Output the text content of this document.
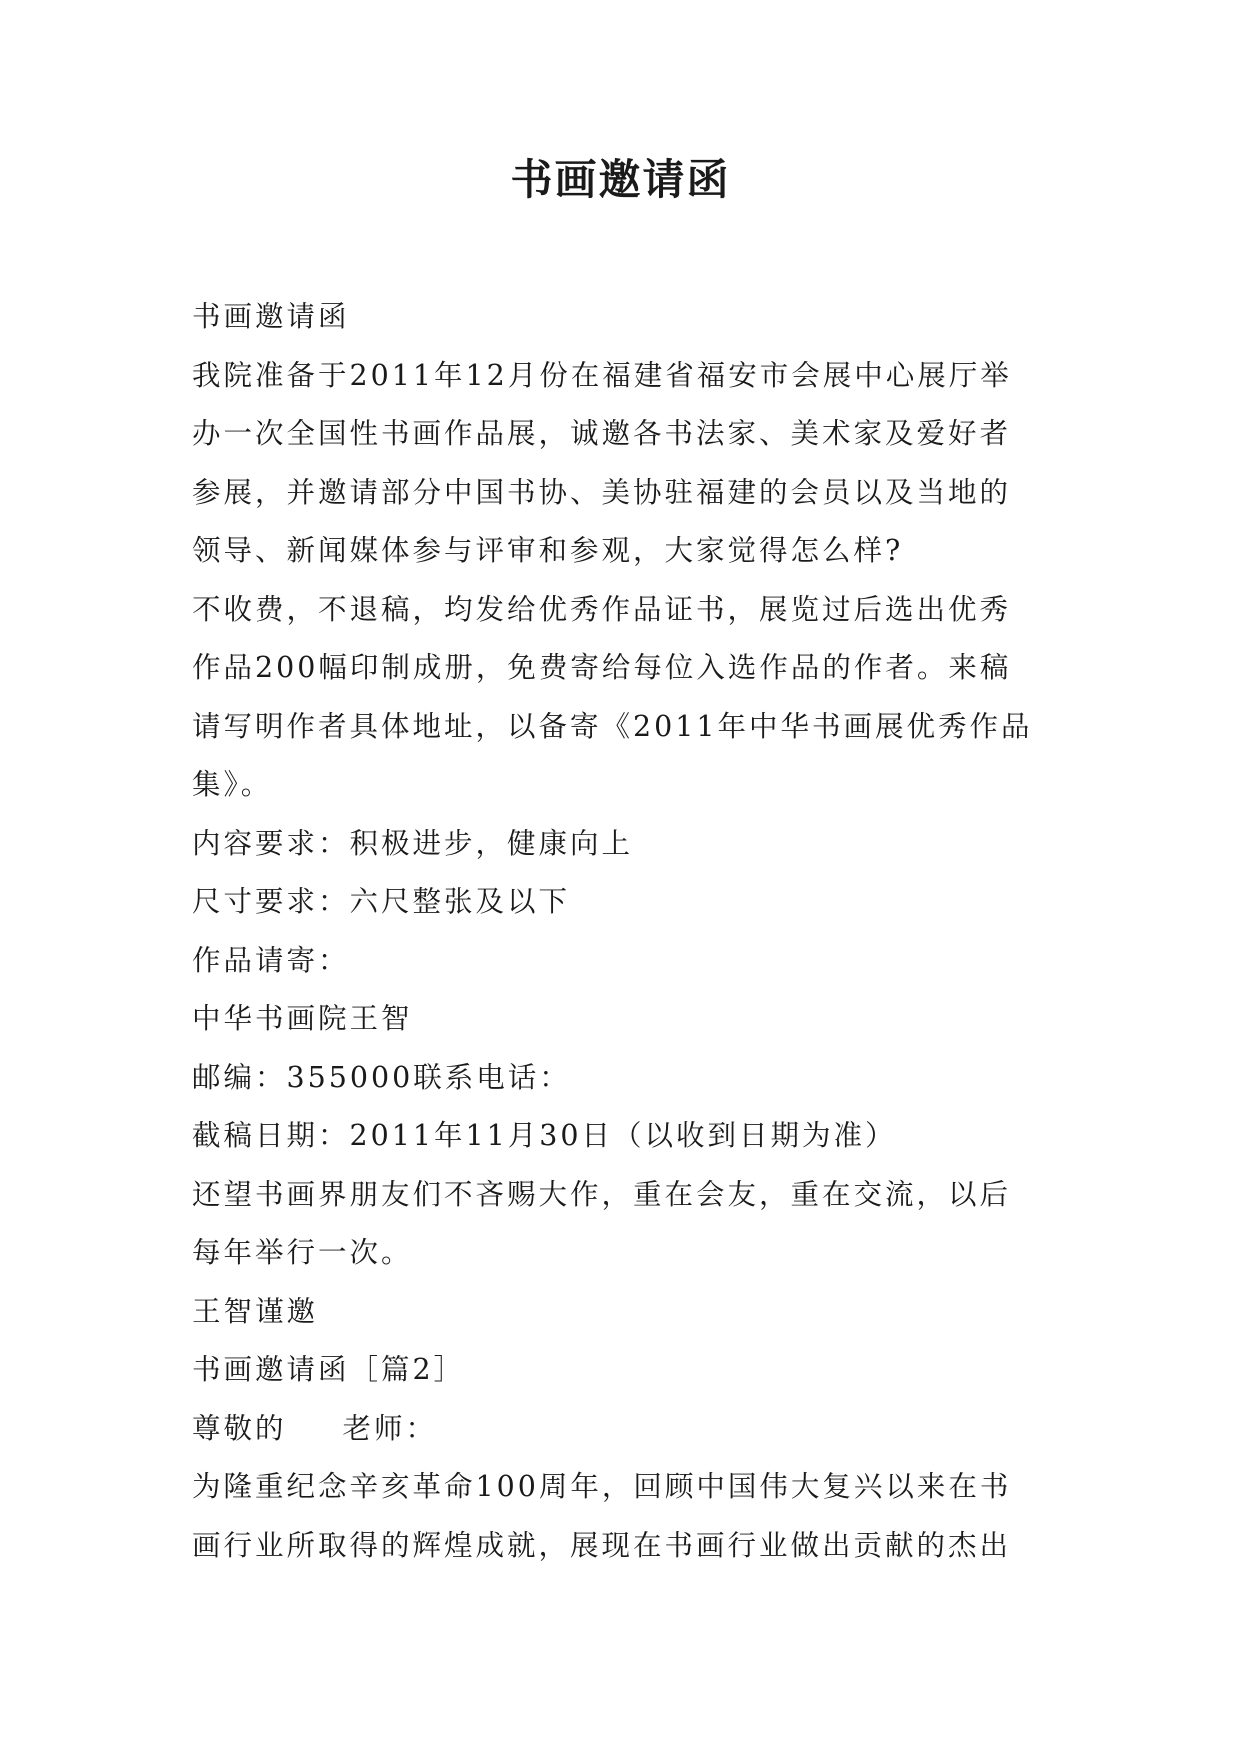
书画邀请函
书画邀请函
我院准备于2011年12月份在福建省福安市会展中心展厅举
办一次全国性书画作品展，诚邀各书法家、美术家及爱好者
参展，并邀请部分中国书协、美协驻福建的会员以及当地的
领导、新闻媒体参与评审和参观，大家觉得怎么样?
不收费，不退稿，均发给优秀作品证书，展览过后选出优秀
作品200幅印制成册，免费寄给每位入选作品的作者。来稿
请写明作者具体地址，以备寄《2011年中华书画展优秀作品
集》。
内容要求：积极进步，健康向上
尺寸要求：六尺整张及以下
作品请寄：
中华书画院王智
邮编：355000联系电话：
截稿日期：2011年11月30日（以收到日期为准）
还望书画界朋友们不吝赐大作，重在会友，重在交流，以后
每年举行一次。
王智谨邀
书画邀请函［篇2］
尊敬的 老师：
为隆重纪念辛亥革命100周年，回顾中国伟大复兴以来在书
画行业所取得的辉煌成就，展现在书画行业做出贡献的杰出
